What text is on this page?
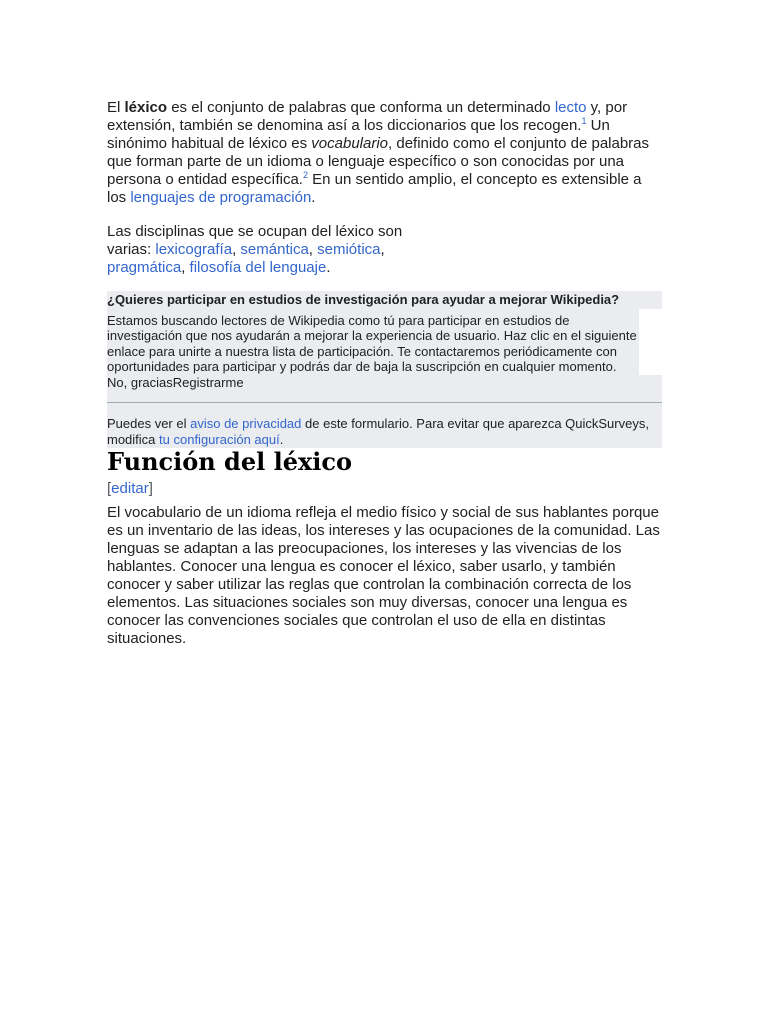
El léxico es el conjunto de palabras que conforma un determinado lecto y, por extensión, también se denomina así a los diccionarios que los recogen.$^1$ Un sinónimo habitual de léxico es vocabulario, definido como el conjunto de palabras que forman parte de un idioma o lenguaje específico o son conocidas por una persona o entidad específica.$^2$ En un sentido amplio, el concepto es extensible a los lenguajes de programación.

Las disciplinas que se ocupan del léxico son varias: lexicografía, semántica, semiótica, pragmática, filosofía del lenguaje.

¿Quieres participar en estudios de investigación para ayudar a mejorar Wikipedia?
Estamos buscando lectores de Wikipedia como tú para participar en estudios de investigación que nos ayudarán a mejorar la experiencia de usuario. Haz clic en el siguiente enlace para unirte a nuestra lista de participación. Te contactaremos periódicamente con oportunidades para participar y podrás dar de baja la suscripción en cualquier momento.
No, graciasRegistrarme
Puedes ver el aviso de privacidad de este formulario. Para evitar que aparezca QuickSurveys, modifica tu configuración aquí.
Función del léxico
[editar]

El vocabulario de un idioma refleja el medio físico y social de sus hablantes porque es un inventario de las ideas, los intereses y las ocupaciones de la comunidad. Las lenguas se adaptan a las preocupaciones, los intereses y las vivencias de los hablantes. Conocer una lengua es conocer el léxico, saber usarlo, y también conocer y saber utilizar las reglas que controlan la combinación correcta de los elementos. Las situaciones sociales son muy diversas, conocer una lengua es conocer las convenciones sociales que controlan el uso de ella en distintas situaciones.
